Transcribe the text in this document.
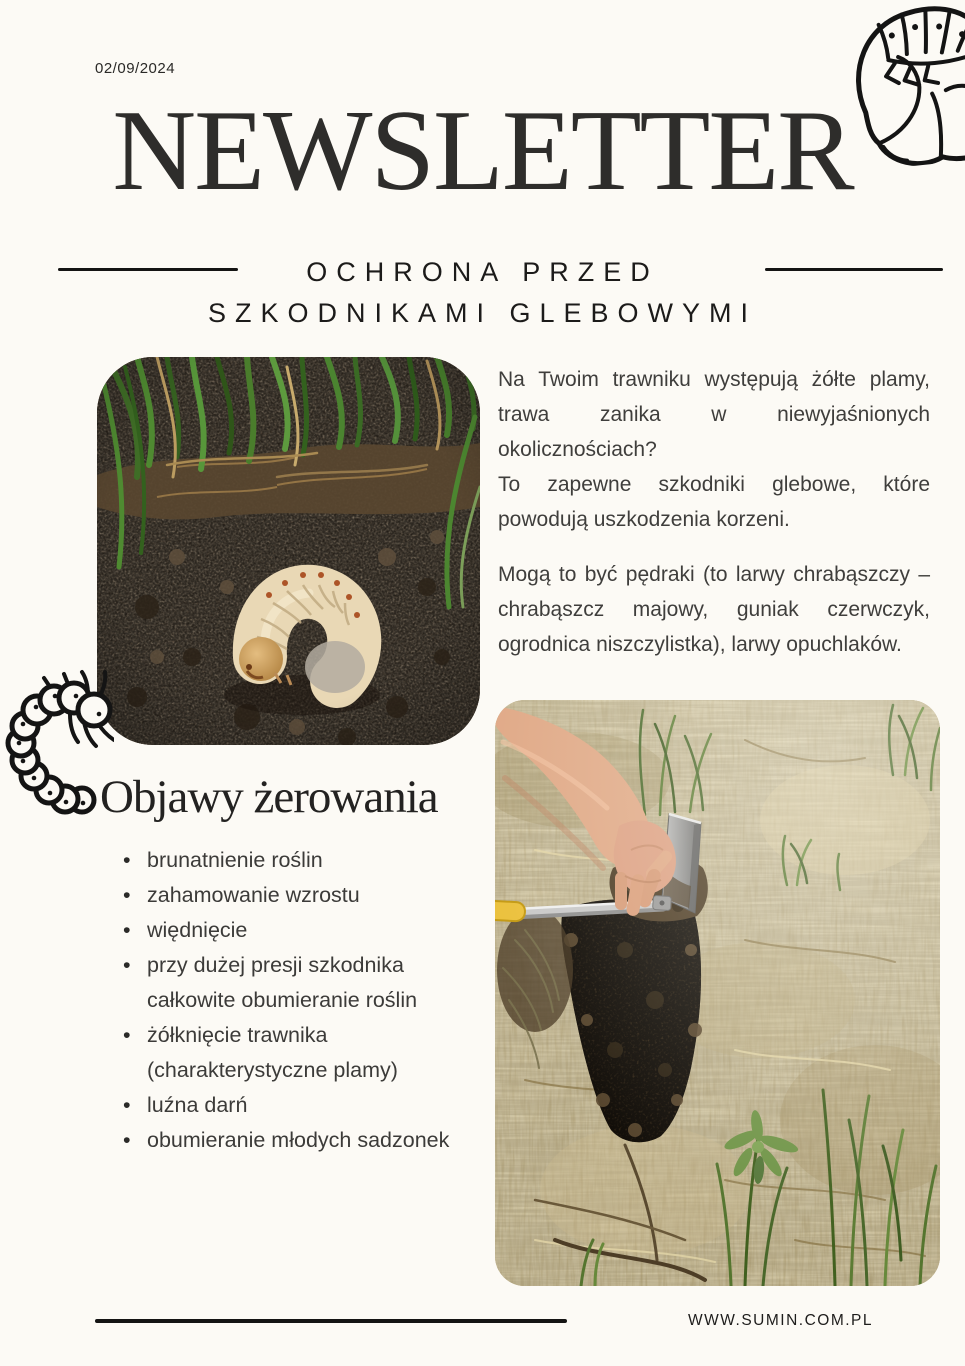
02/09/2024
NEWSLETTER
OCHRONA PRZED
SZKODNIKAMI GLEBOWYMI

Na Twoim trawniku występują żółte plamy, trawa zanika w niewyjaśnionych okolicznościach?
To zapewne szkodniki glebowe, które powodują uszkodzenia korzeni.

Mogą to być pędraki (to larwy chrabąszczy – chrabąszcz majowy, guniak czerwczyk, ogrodnica niszczylistka), larwy opuchlaków.

Objawy żerowania
• brunatnienie roślin
• zahamowanie wzrostu
• więdnięcie
• przy dużej presji szkodnika całkowite obumieranie roślin
• żółknięcie trawnika (charakterystyczne plamy)
• luźna darń
• obumieranie młodych sadzonek
WWW.SUMIN.COM.PL
